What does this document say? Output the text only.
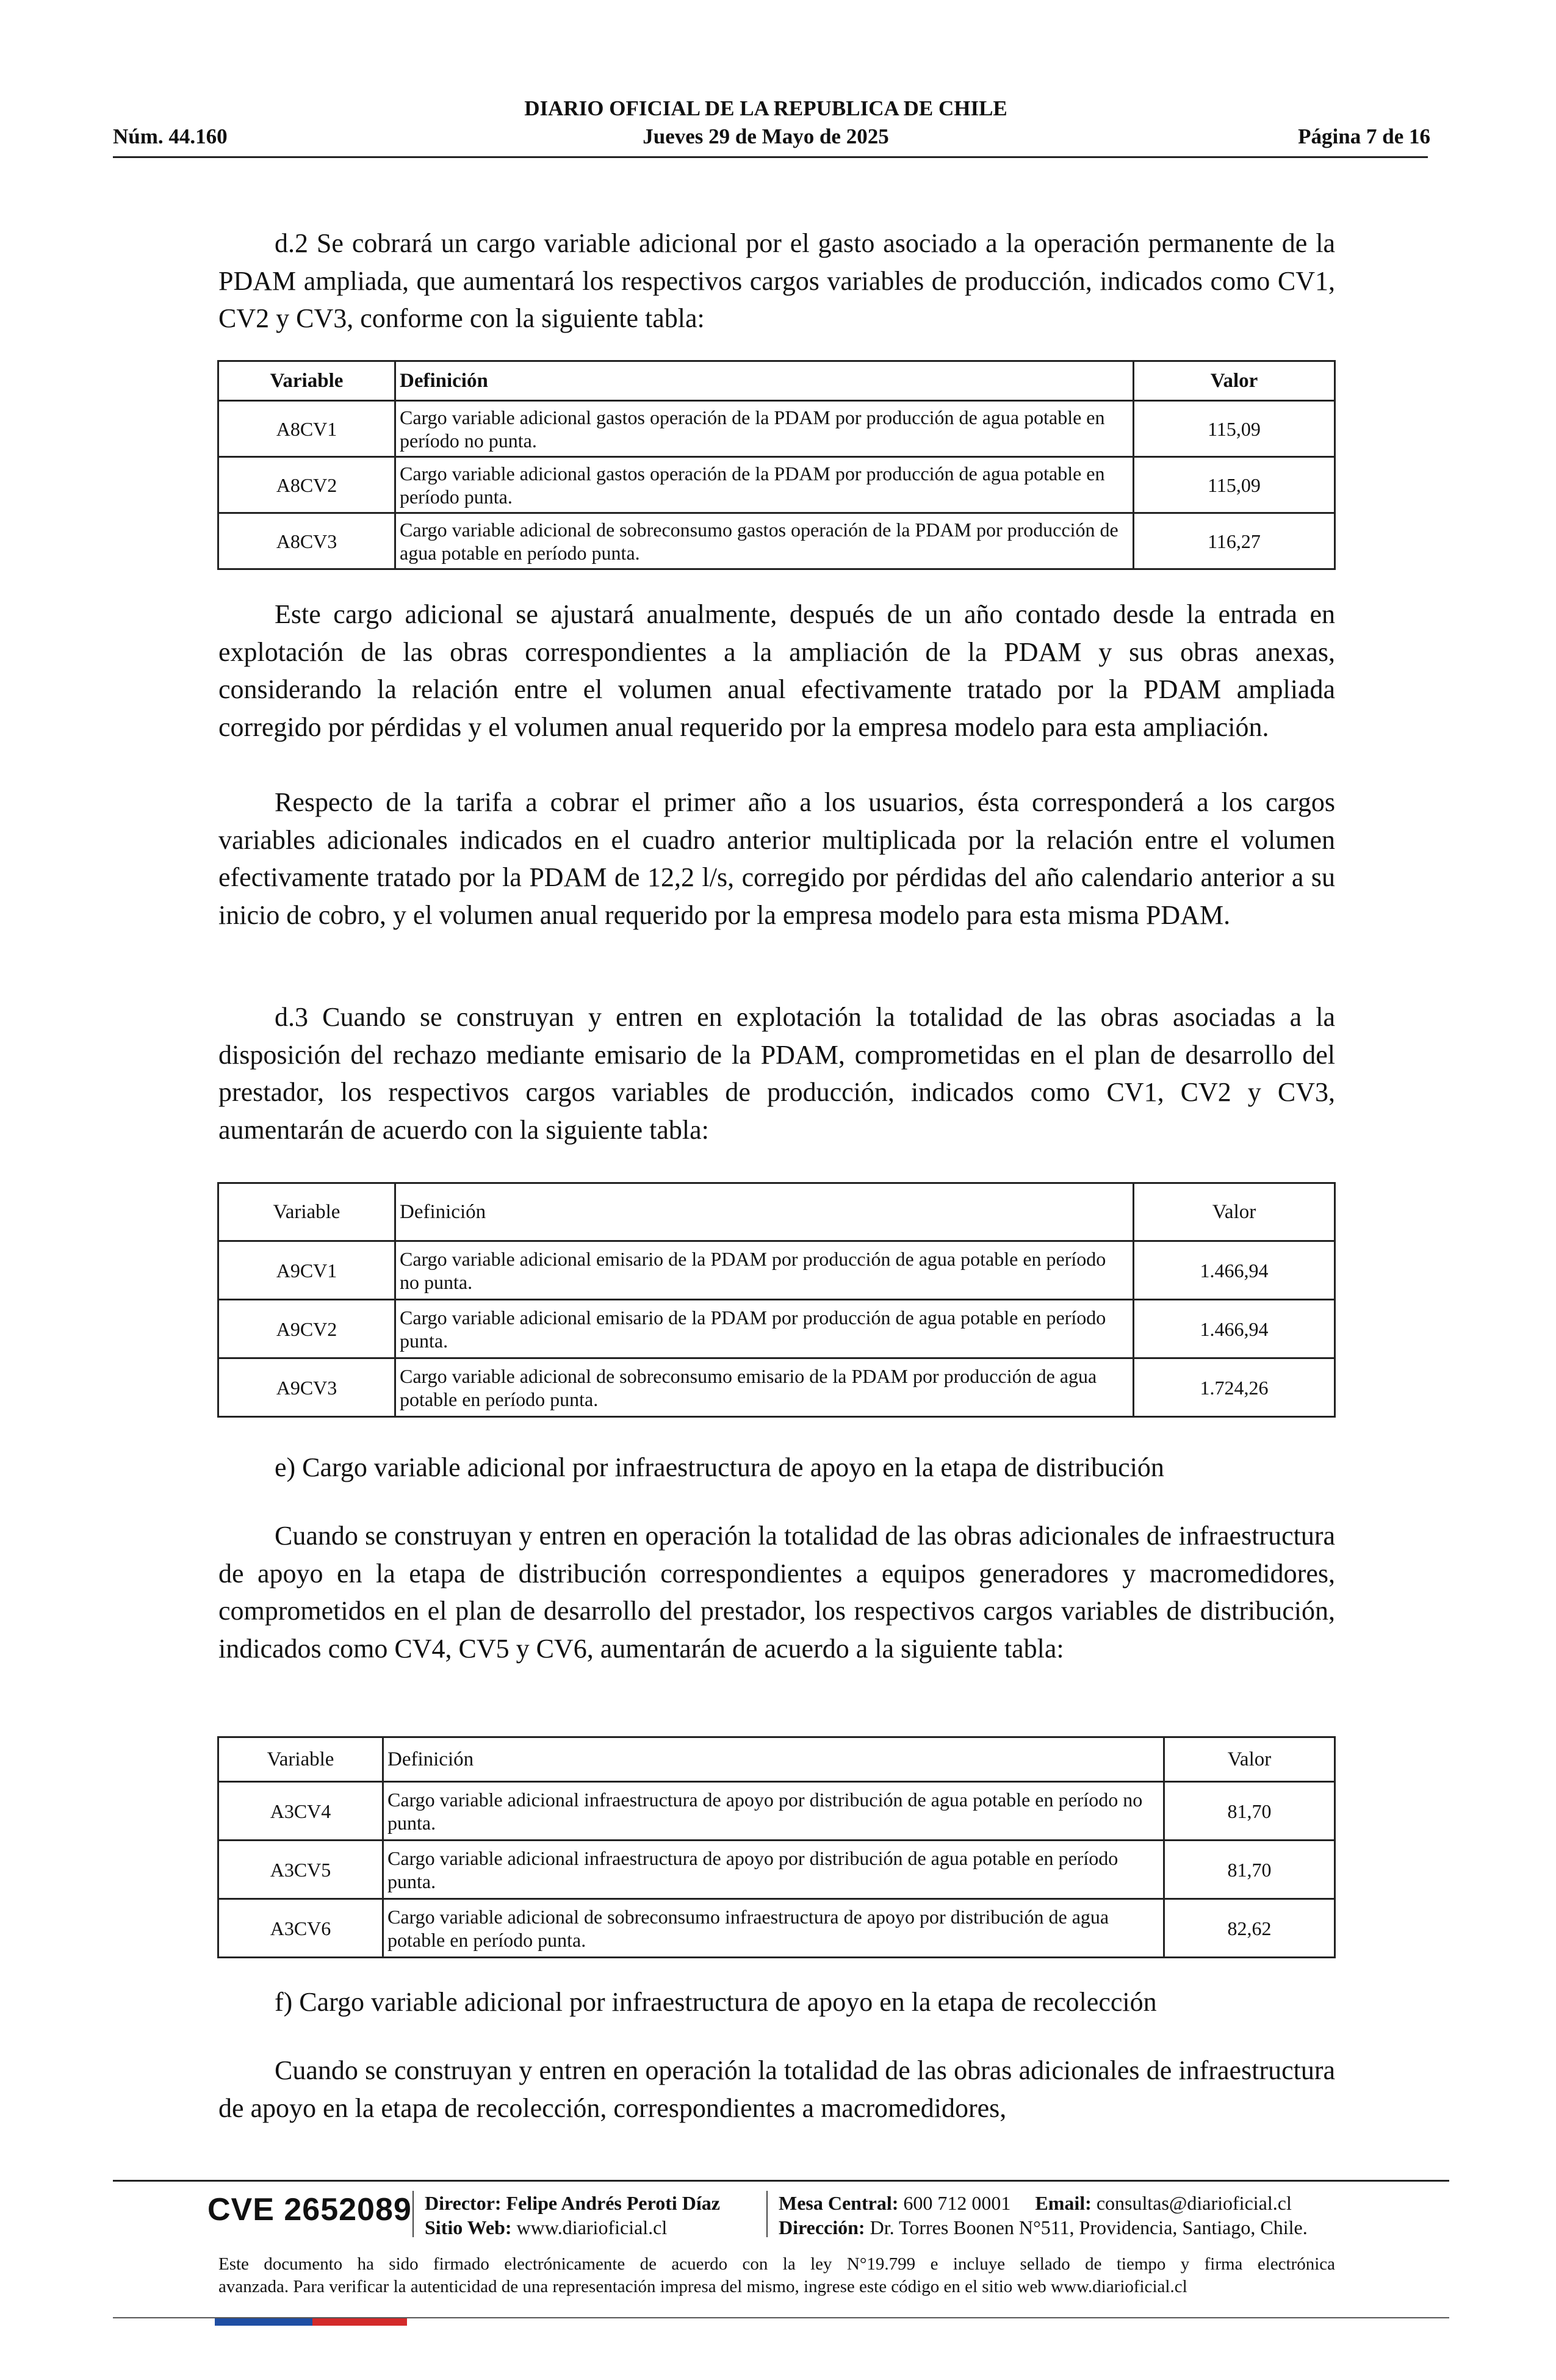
Núm. 44.160
DIARIO OFICIAL DE LA REPUBLICA DE CHILE
Jueves 29 de Mayo de 2025	Página 7 de 16
d.2 Se cobrará un cargo variable adicional por el gasto asociado a la operación permanente de la PDAM ampliada, que aumentará los respectivos cargos variables de producción, indicados como CV1, CV2 y CV3, conforme con la siguiente tabla:
Variable	Definición	Valor
A8CV1	Cargo variable adicional gastos operación de la PDAM por producción de agua potable en período no punta.	115,09
A8CV2	Cargo variable adicional gastos operación de la PDAM por producción de agua potable en período punta.	115,09
A8CV3	Cargo variable adicional de sobreconsumo gastos operación de la PDAM por producción de agua potable en período punta.	116,27
Este cargo adicional se ajustará anualmente, después de un año contado desde la entrada en explotación de las obras correspondientes a la ampliación de la PDAM y sus obras anexas, considerando la relación entre el volumen anual efectivamente tratado por la PDAM ampliada corregido por pérdidas y el volumen anual requerido por la empresa modelo para esta ampliación.
Respecto de la tarifa a cobrar el primer año a los usuarios, ésta corresponderá a los cargos variables adicionales indicados en el cuadro anterior multiplicada por la relación entre el volumen efectivamente tratado por la PDAM de 12,2 l/s, corregido por pérdidas del año calendario anterior a su inicio de cobro, y el volumen anual requerido por la empresa modelo para esta misma PDAM.
d.3 Cuando se construyan y entren en explotación la totalidad de las obras asociadas a la disposición del rechazo mediante emisario de la PDAM, comprometidas en el plan de desarrollo del prestador, los respectivos cargos variables de producción, indicados como CV1, CV2 y CV3, aumentarán de acuerdo con la siguiente tabla:
Variable	Definición	Valor
A9CV1	Cargo variable adicional emisario de la PDAM por producción de agua potable en período no punta.	1.466,94
A9CV2	Cargo variable adicional emisario de la PDAM por producción de agua potable en período punta.	1.466,94
A9CV3	Cargo variable adicional de sobreconsumo emisario de la PDAM por producción de agua potable en período punta.	1.724,26
e) Cargo variable adicional por infraestructura de apoyo en la etapa de distribución
Cuando se construyan y entren en operación la totalidad de las obras adicionales de infraestructura de apoyo en la etapa de distribución correspondientes a equipos generadores y macromedidores, comprometidos en el plan de desarrollo del prestador, los respectivos cargos variables de distribución, indicados como CV4, CV5 y CV6, aumentarán de acuerdo a la siguiente tabla:
Variable	Definición	Valor
A3CV4	Cargo variable adicional infraestructura de apoyo por distribución de agua potable en período no punta.	81,70
A3CV5	Cargo variable adicional infraestructura de apoyo por distribución de agua potable en período punta.	81,70
A3CV6	Cargo variable adicional de sobreconsumo infraestructura de apoyo por distribución de agua potable en período punta.	82,62
f) Cargo variable adicional por infraestructura de apoyo en la etapa de recolección
Cuando se construyan y entren en operación la totalidad de las obras adicionales de infraestructura de apoyo en la etapa de recolección, correspondientes a macromedidores,
CVE 2652089 Director: Felipe Andrés Peroti Díaz
Sitio Web: www.diarioficial.cl
Mesa Central: 600 712 0001 Email: consultas@diarioficial.cl
Dirección: Dr. Torres Boonen N°511, Providencia, Santiago, Chile.
Este documento ha sido firmado electrónicamente de acuerdo con la ley N°19.799 e incluye sellado de tiempo y firma electrónica
avanzada. Para verificar la autenticidad de una representación impresa del mismo, ingrese este código en el sitio web www.diarioficial.cl
